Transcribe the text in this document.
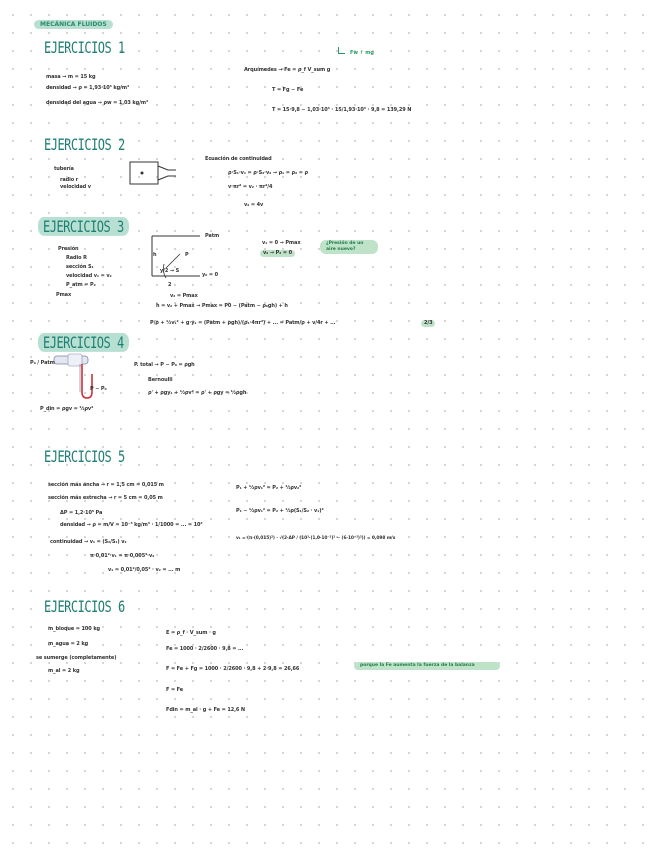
MECÁNICA FLUIDOS
EJERCICIOS 1
masa → m = 15 kg
densidad → ρ = 1,93·10³ kg/m³
densidad del agua → ρw = 1,03 kg/m³
Fw ↑ mg
Arquímedes → Fe = ρ_f V_sum g
T = Fg − Fe
T = 15·9,8 − 1,03·10³ · 15/1,93·10³ · 9,8 = 139,29 N
EJERCICIOS 2
tubería
radio r
velocidad v
Ecuación de continuidad
ρ·S₁·v₁ = ρ·S₂·v₂ → ρ₁ = ρ₂ = ρ
v·πr² = v₂ · πr²/4
v₂ = 4v
EJERCICIOS 3
Presión
Radio R
sección S₁
velocidad v₁ = v₂
P_atm = P₂
Pmax
Patm
h	P
y/2 → S
y₀ = 0
2
v₁ = 0 → Pmax
v₂ → P₂ = 0
¿Presión de un aire nuevo?
v₂ = Pmax
h = v₂ + Pmax → Pmax = P0 − (Patm − ρ₀gh) + h
P/ρ + ½v₁² + g·y₁ = (Patm + ρgh)/(ρ₁·4πr²) + ... = Patm/ρ + v/4r + ...	2/3
EJERCICIOS 4
P₀ / Patm
P − P₀
P. total → P − P₀ = ρgh
Bernoulli
ρ' + ρgy₁ + ½ρv² = ρ' + ρgy = ½ρgh
P_din = ρgv = ½ρv²
EJERCICIOS 5
sección más ancha → r = 1,5 cm = 0,015 m
sección más estrecha → r = 5 cm = 0,05 m
ΔP = 1,2·10⁵ Pa
densidad → ρ = m/V = 10⁻³ kg/m³ · 1/1000 = ... = 10³
continuidad → v₁ = (S₂/S₁) v₂
π·0,01²·v₁ = π·0,005²·v₂
v₁ = 0,01²/0,05² · v₂ = ... m
P₁ + ½ρv₁² = P₂ + ½ρv₂²
P₁ − ½ρv₁² = P₂ + ½ρ(S₁/S₂ · v₁)²
v₁ = (π·(0,015)²) · √(2·ΔP / (10³·(1,0·10⁻²)² − (6·10⁻³)²)) = 0,098 m/s
EJERCICIOS 6
m_bloque = 100 kg
m_agua = 2 kg
se sumerge (completamente)
m_al = 2 kg
E = ρ_f · V_sum · g
Fe = 1000 · 2/2600 · 9,8 = ...
F = Fe + Fg = 1000 · 2/2600 · 9,8 + 2·9,8 = 26,66
porque la Fe aumenta la fuerza de la balanza
F = Fe
Fdin = m_al · g + Fe = 12,6 N
